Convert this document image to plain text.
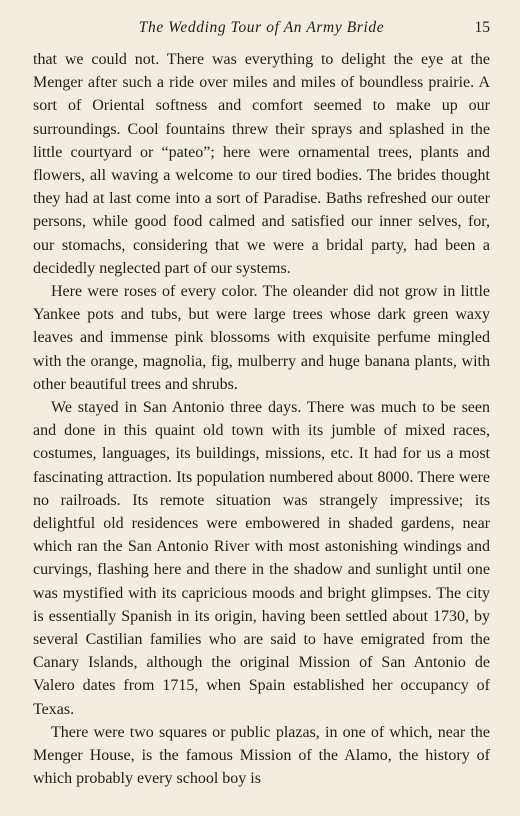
The Wedding Tour of An Army Bride	15

that we could not. There was everything to delight the eye at the Menger after such a ride over miles and miles of boundless prairie. A sort of Oriental softness and comfort seemed to make up our surroundings. Cool fountains threw their sprays and splashed in the little courtyard or “pateo”; here were ornamental trees, plants and flowers, all waving a welcome to our tired bodies. The brides thought they had at last come into a sort of Paradise. Baths refreshed our outer persons, while good food calmed and satisfied our inner selves, for, our stomachs, considering that we were a bridal party, had been a decidedly neglected part of our systems.

Here were roses of every color. The oleander did not grow in little Yankee pots and tubs, but were large trees whose dark green waxy leaves and immense pink blossoms with exquisite perfume mingled with the orange, magnolia, fig, mulberry and huge banana plants, with other beautiful trees and shrubs.

We stayed in San Antonio three days. There was much to be seen and done in this quaint old town with its jumble of mixed races, costumes, languages, its buildings, missions, etc. It had for us a most fascinating attraction. Its population numbered about 8000. There were no railroads. Its remote situation was strangely impressive; its delightful old residences were embowered in shaded gardens, near which ran the San Antonio River with most astonishing windings and curvings, flashing here and there in the shadow and sunlight until one was mystified with its capricious moods and bright glimpses. The city is essentially Spanish in its origin, having been settled about 1730, by several Castilian families who are said to have emigrated from the Canary Islands, although the original Mission of San Antonio de Valero dates from 1715, when Spain established her occupancy of Texas.

There were two squares or public plazas, in one of which, near the Menger House, is the famous Mission of the Alamo, the history of which probably every school boy is
